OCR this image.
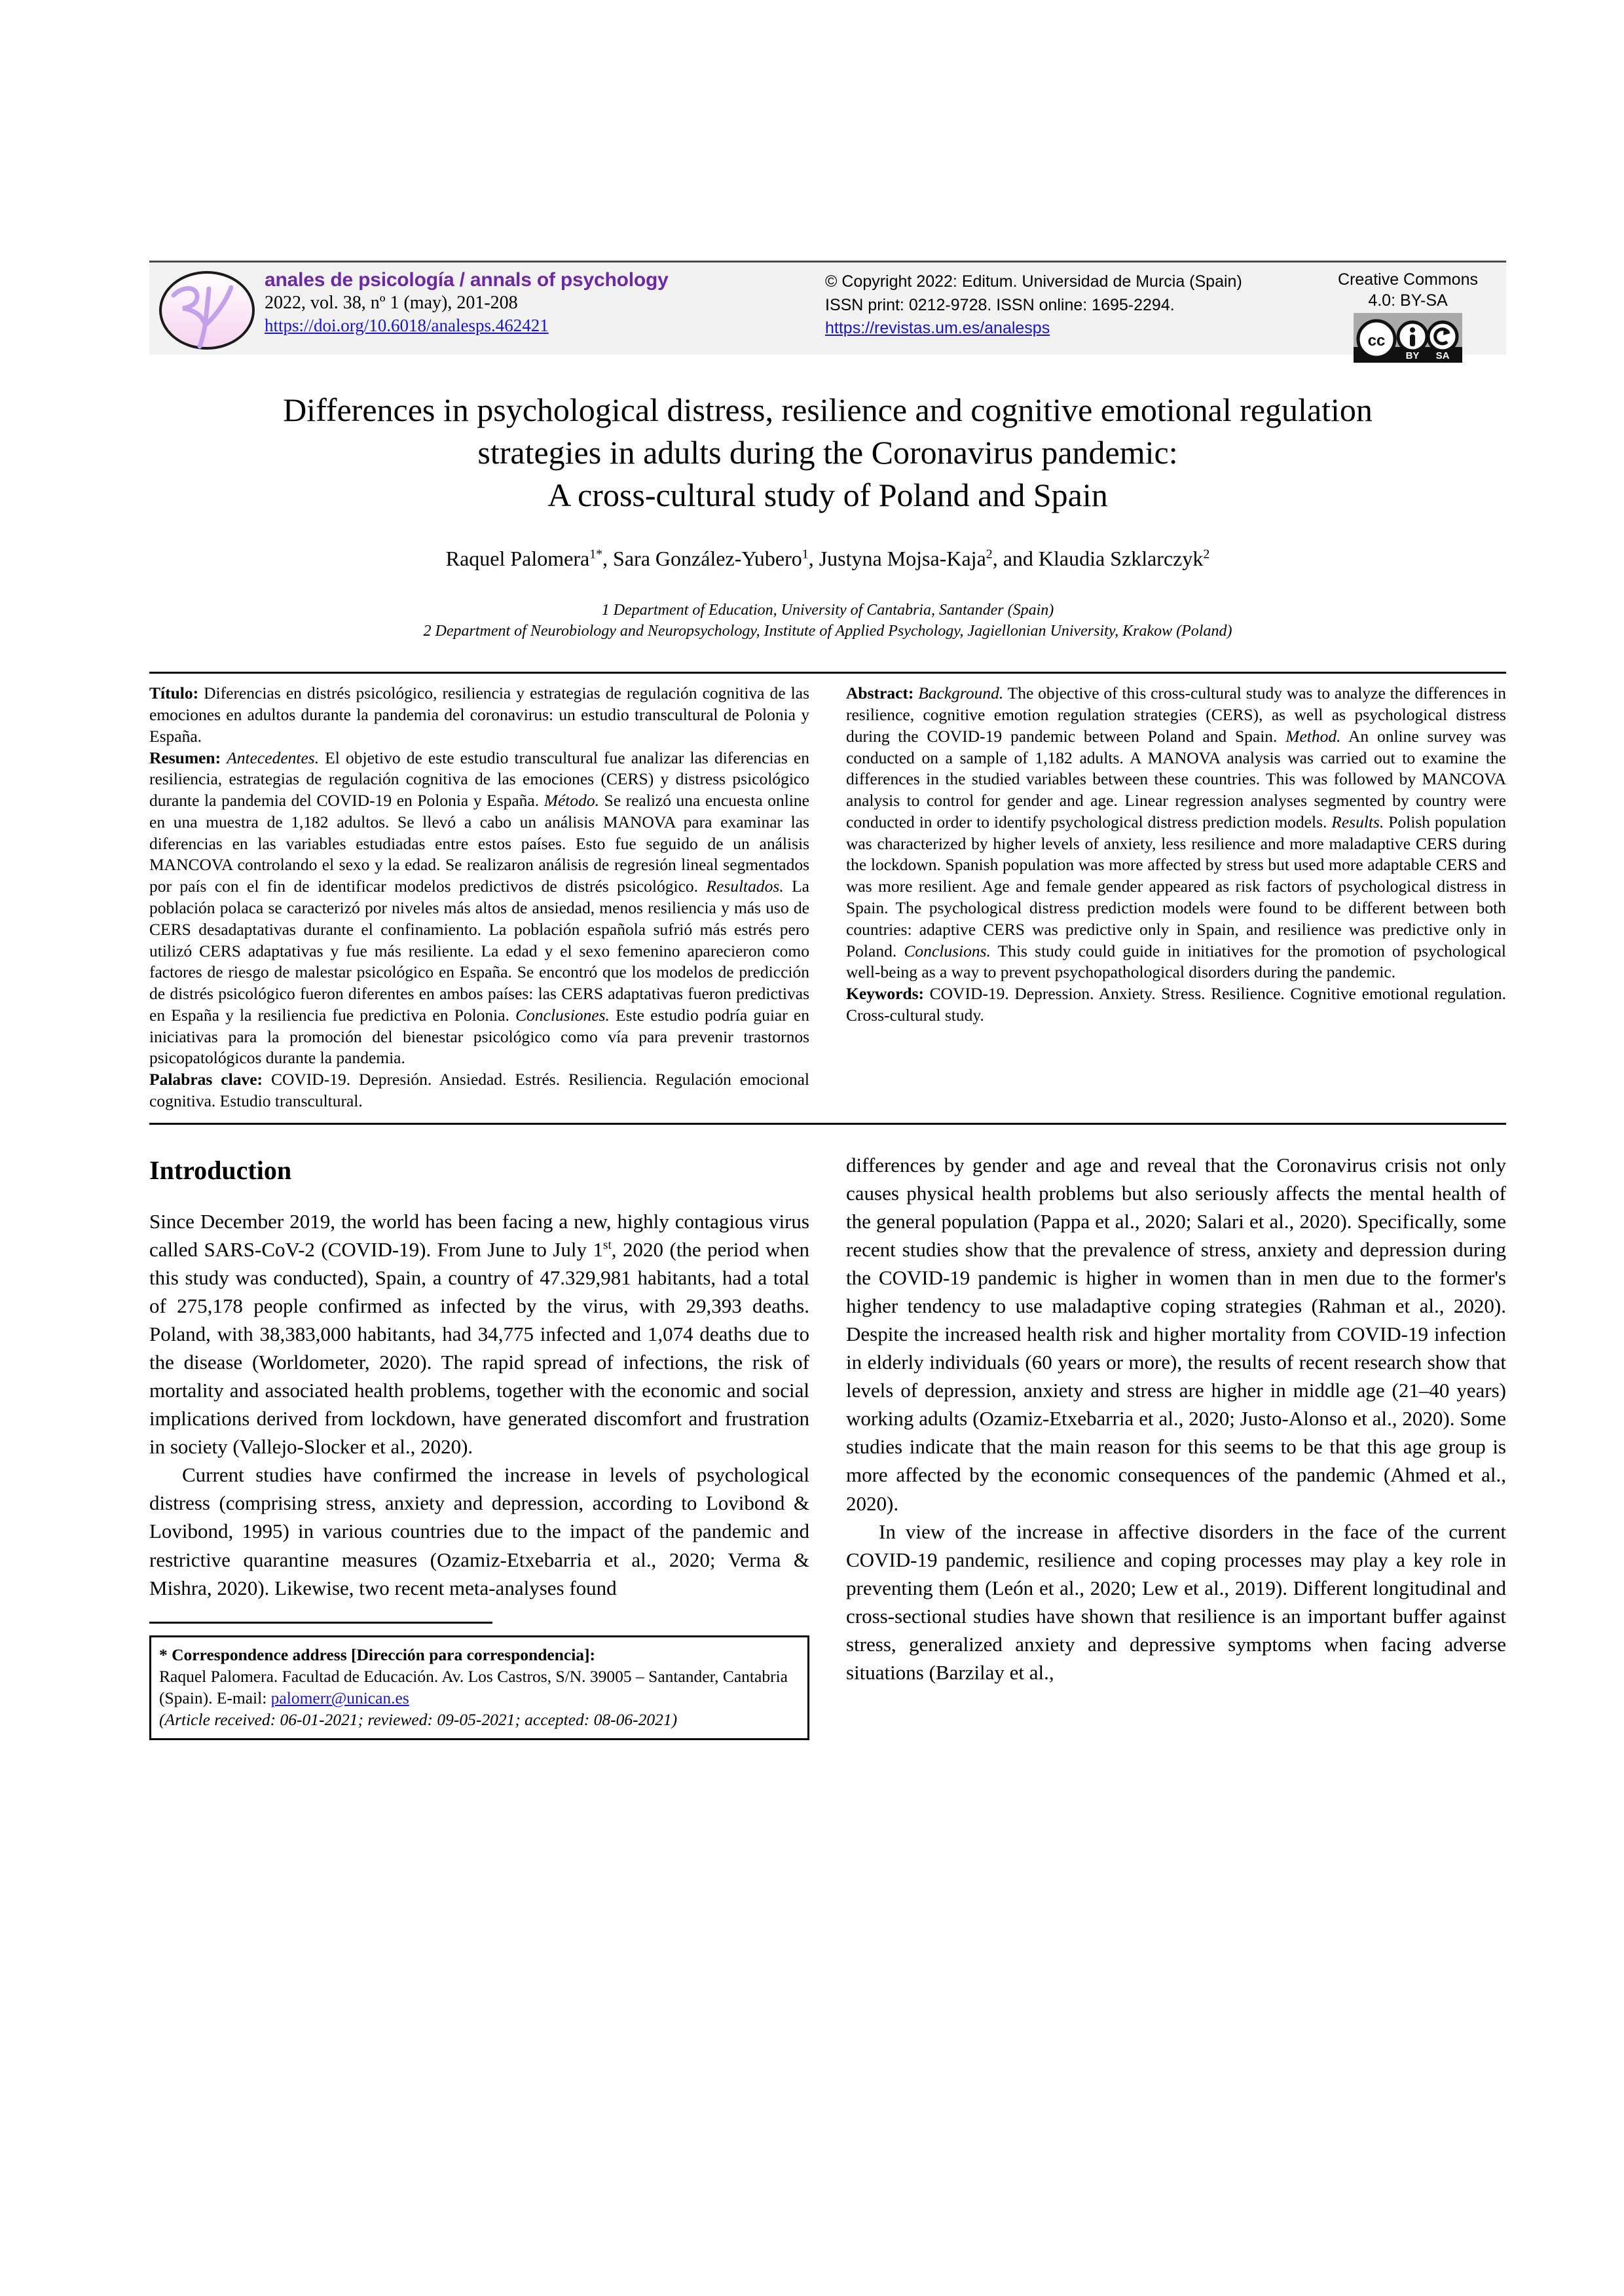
anales de psicología / annals of psychology
2022, vol. 38, nº 1 (may), 201-208
https://doi.org/10.6018/analesps.462421
© Copyright 2022: Editum. Universidad de Murcia (Spain)
ISSN print: 0212-9728. ISSN online: 1695-2294.
https://revistas.um.es/analesps
Creative Commons
4.0: BY-SA
cc
BY SA
Differences in psychological distress, resilience and cognitive emotional regulation
strategies in adults during the Coronavirus pandemic:
A cross-cultural study of Poland and Spain
Raquel Palomera$^{1*}$, Sara González-Yubero$^1$, Justyna Mojsa-Kaja$^2$, and Klaudia Szklarczyk$^2$
1 Department of Education, University of Cantabria, Santander (Spain)
2 Department of Neurobiology and Neuropsychology, Institute of Applied Psychology, Jagiellonian University, Krakow (Poland)

Título: Diferencias en distrés psicológico, resiliencia y estrategias de regulación cognitiva de las emociones en adultos durante la pandemia del coronavirus: un estudio transcultural de Polonia y España.

Resumen: Antecedentes. El objetivo de este estudio transcultural fue analizar las diferencias en resiliencia, estrategias de regulación cognitiva de las emociones (CERS) y distress psicológico durante la pandemia del COVID-19 en Polonia y España. Método. Se realizó una encuesta online en una muestra de 1,182 adultos. Se llevó a cabo un análisis MANOVA para examinar las diferencias en las variables estudiadas entre estos países. Esto fue seguido de un análisis MANCOVA controlando el sexo y la edad. Se realizaron análisis de regresión lineal segmentados por país con el fin de identificar modelos predictivos de distrés psicológico. Resultados. La población polaca se caracterizó por niveles más altos de ansiedad, menos resiliencia y más uso de CERS desadaptativas durante el confinamiento. La población española sufrió más estrés pero utilizó CERS adaptativas y fue más resiliente. La edad y el sexo femenino aparecieron como factores de riesgo de malestar psicológico en España. Se encontró que los modelos de predicción de distrés psicológico fueron diferentes en ambos países: las CERS adaptativas fueron predictivas en España y la resiliencia fue predictiva en Polonia. Conclusiones. Este estudio podría guiar en iniciativas para la promoción del bienestar psicológico como vía para prevenir trastornos psicopatológicos durante la pandemia.

Palabras clave: COVID-19. Depresión. Ansiedad. Estrés. Resiliencia. Regulación emocional cognitiva. Estudio transcultural.

Abstract: Background. The objective of this cross-cultural study was to analyze the differences in resilience, cognitive emotion regulation strategies (CERS), as well as psychological distress during the COVID-19 pandemic between Poland and Spain. Method. An online survey was conducted on a sample of 1,182 adults. A MANOVA analysis was carried out to examine the differences in the studied variables between these countries. This was followed by MANCOVA analysis to control for gender and age. Linear regression analyses segmented by country were conducted in order to identify psychological distress prediction models. Results. Polish population was characterized by higher levels of anxiety, less resilience and more maladaptive CERS during the lockdown. Spanish population was more affected by stress but used more adaptable CERS and was more resilient. Age and female gender appeared as risk factors of psychological distress in Spain. The psychological distress prediction models were found to be different between both countries: adaptive CERS was predictive only in Spain, and resilience was predictive only in Poland. Conclusions. This study could guide in initiatives for the promotion of psychological well-being as a way to prevent psychopathological disorders during the pandemic.

Keywords: COVID-19. Depression. Anxiety. Stress. Resilience. Cognitive emotional regulation. Cross-cultural study.

Introduction

Since December 2019, the world has been facing a new, highly contagious virus called SARS-CoV-2 (COVID-19). From June to July 1st, 2020 (the period when this study was conducted), Spain, a country of 47.329,981 habitants, had a total of 275,178 people confirmed as infected by the virus, with 29,393 deaths. Poland, with 38,383,000 habitants, had 34,775 infected and 1,074 deaths due to the disease (Worldometer, 2020). The rapid spread of infections, the risk of mortality and associated health problems, together with the economic and social implications derived from lockdown, have generated discomfort and frustration in society (Vallejo-Slocker et al., 2020).

Current studies have confirmed the increase in levels of psychological distress (comprising stress, anxiety and depression, according to Lovibond & Lovibond, 1995) in various countries due to the impact of the pandemic and restrictive quarantine measures (Ozamiz-Etxebarria et al., 2020; Verma & Mishra, 2020). Likewise, two recent meta-analyses found

* Correspondence address [Dirección para correspondencia]:

Raquel Palomera. Facultad de Educación. Av. Los Castros, S/N. 39005 – Santander, Cantabria (Spain). E-mail: palomerr@unican.es

(Article received: 06-01-2021; reviewed: 09-05-2021; accepted: 08-06-2021)

differences by gender and age and reveal that the Coronavirus crisis not only causes physical health problems but also seriously affects the mental health of the general population (Pappa et al., 2020; Salari et al., 2020). Specifically, some recent studies show that the prevalence of stress, anxiety and depression during the COVID-19 pandemic is higher in women than in men due to the former's higher tendency to use maladaptive coping strategies (Rahman et al., 2020). Despite the increased health risk and higher mortality from COVID-19 infection in elderly individuals (60 years or more), the results of recent research show that levels of depression, anxiety and stress are higher in middle age (21–40 years) working adults (Ozamiz-Etxebarria et al., 2020; Justo-Alonso et al., 2020). Some studies indicate that the main reason for this seems to be that this age group is more affected by the economic consequences of the pandemic (Ahmed et al., 2020).

In view of the increase in affective disorders in the face of the current COVID-19 pandemic, resilience and coping processes may play a key role in preventing them (León et al., 2020; Lew et al., 2019). Different longitudinal and cross-sectional studies have shown that resilience is an important buffer against stress, generalized anxiety and depressive symptoms when facing adverse situations (Barzilay et al.,
